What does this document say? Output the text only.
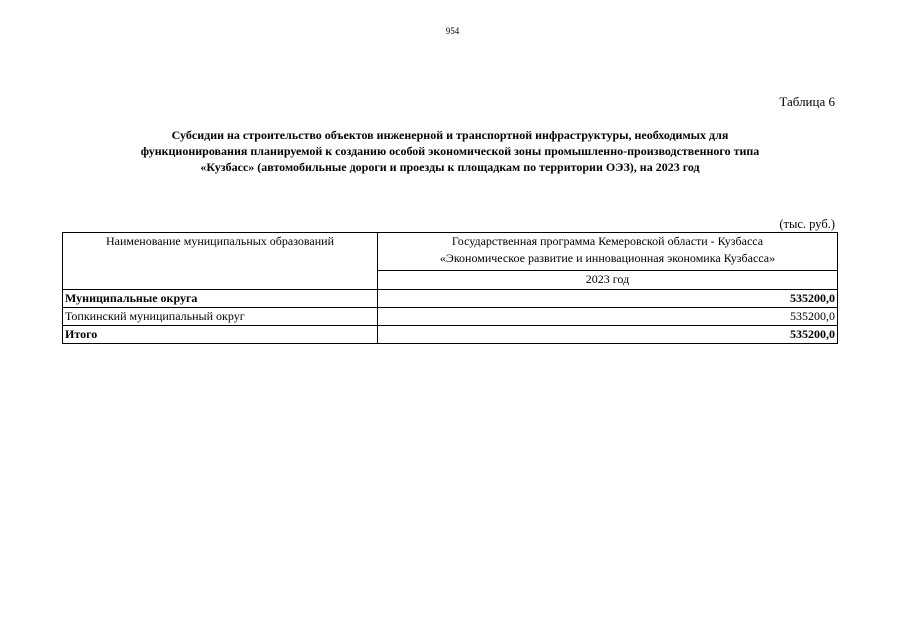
954
Таблица 6
Субсидии на строительство объектов инженерной и транспортной инфраструктуры, необходимых для
функционирования планируемой к созданию особой экономической зоны промышленно-производственного типа
«Кузбасс» (автомобильные дороги и проезды к площадкам по территории ОЭЗ), на 2023 год
(тыс. руб.)
Наименование муниципальных образований	Государственная программа Кемеровской области - Кузбасса
«Экономическое развитие и инновационная экономика Кузбасса»

	2023 год
Муниципальные округа	535200,0
Топкинский муниципальный округ	535200,0
Итого	535200,0
